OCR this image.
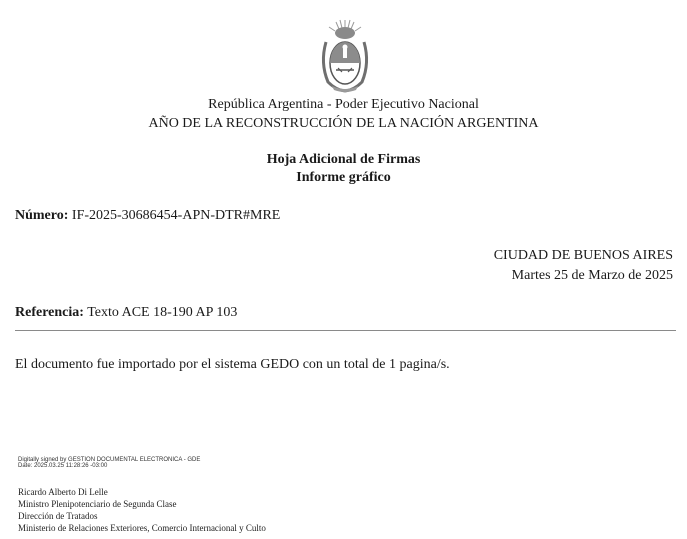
República Argentina - Poder Ejecutivo Nacional
AÑO DE LA RECONSTRUCCIÓN DE LA NACIÓN ARGENTINA
Hoja Adicional de Firmas
Informe gráfico
Número: IF-2025-30686454-APN-DTR#MRE
CIUDAD DE BUENOS AIRES
Martes 25 de Marzo de 2025
Referencia: Texto ACE 18-190 AP 103
El documento fue importado por el sistema GEDO con un total de 1 pagina/s.
Digitally signed by GESTION DOCUMENTAL ELECTRONICA - GDE
Date: 2025.03.25 11:28:26 -03:00
Ricardo Alberto Di Lelle
Ministro Plenipotenciario de Segunda Clase
Dirección de Tratados
Ministerio de Relaciones Exteriores, Comercio Internacional y Culto
